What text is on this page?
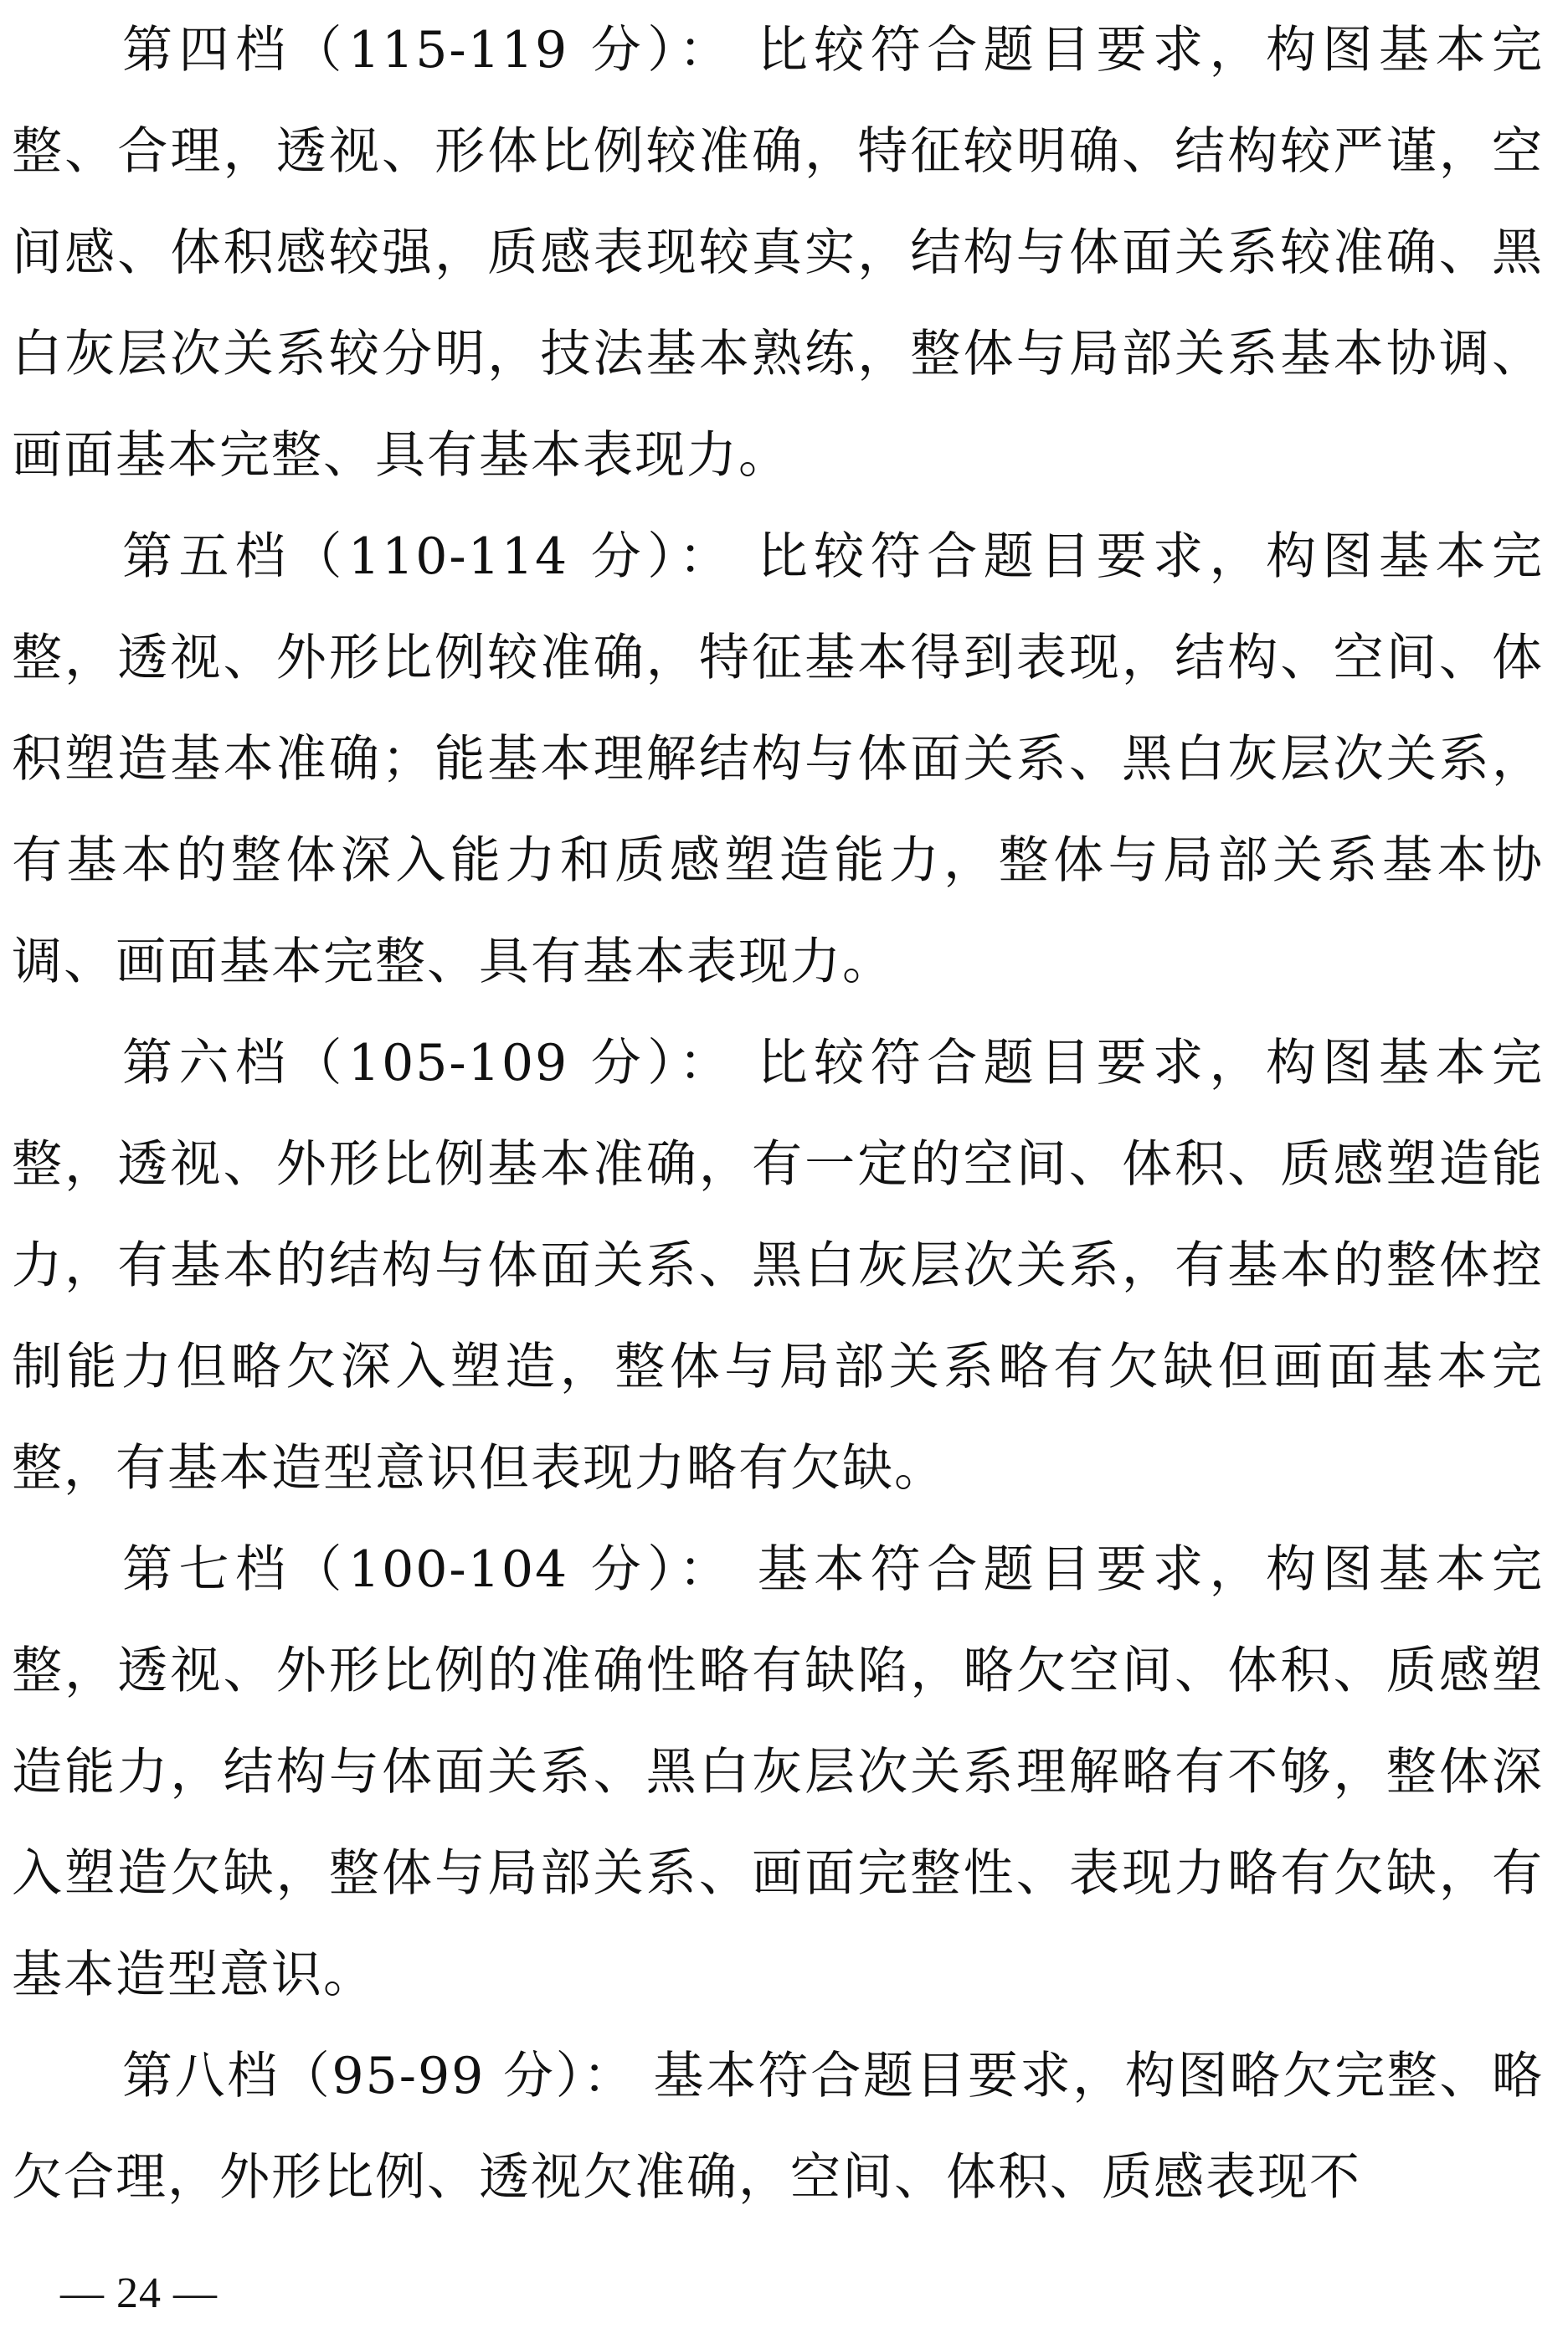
第四档（115-119 分）： 比较符合题目要求，构图基本完整、合理，透视、形体比例较准确，特征较明确、结构较严谨，空间感、体积感较强，质感表现较真实，结构与体面关系较准确、黑白灰层次关系较分明，技法基本熟练，整体与局部关系基本协调、画面基本完整、具有基本表现力。

第五档（110-114 分）： 比较符合题目要求，构图基本完整，透视、外形比例较准确，特征基本得到表现，结构、空间、体积塑造基本准确；能基本理解结构与体面关系、黑白灰层次关系，有基本的整体深入能力和质感塑造能力，整体与局部关系基本协调、画面基本完整、具有基本表现力。

第六档（105-109 分）： 比较符合题目要求，构图基本完整，透视、外形比例基本准确，有一定的空间、体积、质感塑造能力，有基本的结构与体面关系、黑白灰层次关系，有基本的整体控制能力但略欠深入塑造，整体与局部关系略有欠缺但画面基本完整，有基本造型意识但表现力略有欠缺。

第七档（100-104 分）： 基本符合题目要求，构图基本完整，透视、外形比例的准确性略有缺陷，略欠空间、体积、质感塑造能力，结构与体面关系、黑白灰层次关系理解略有不够，整体深入塑造欠缺，整体与局部关系、画面完整性、表现力略有欠缺，有基本造型意识。

第八档（95-99 分）： 基本符合题目要求，构图略欠完整、略欠合理，外形比例、透视欠准确，空间、体积、质感表现不

— 24 —
